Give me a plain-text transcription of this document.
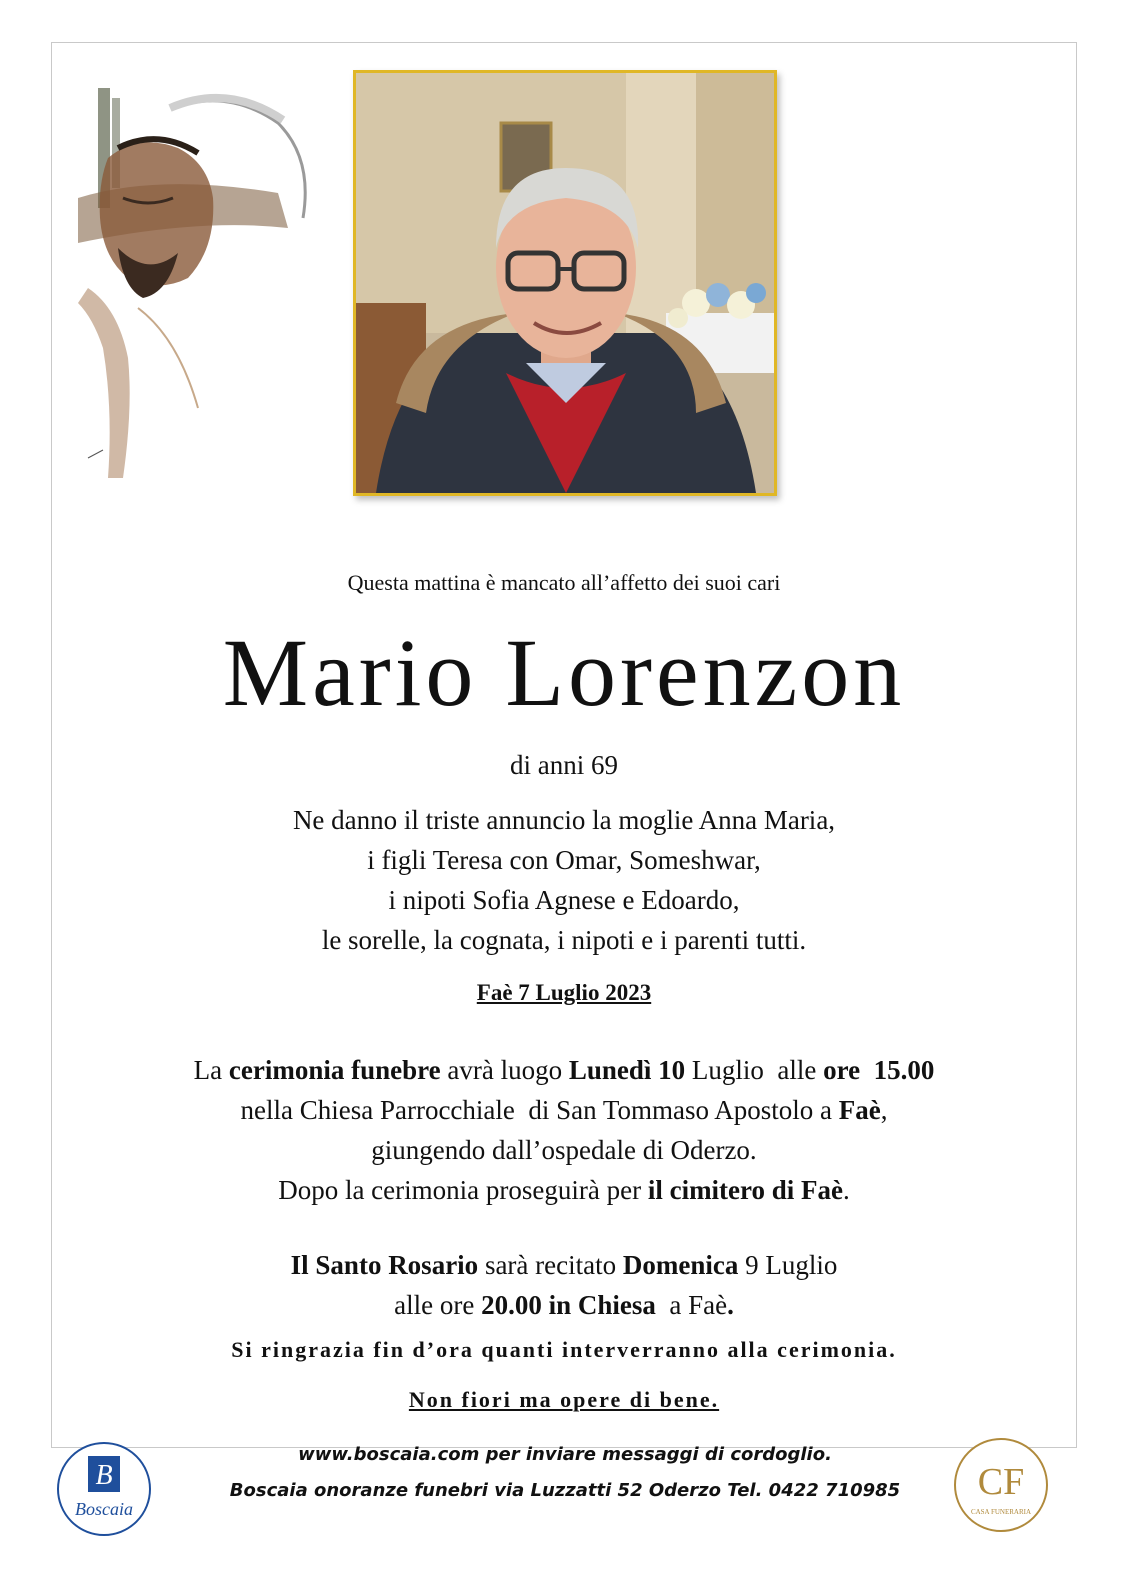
Questa mattina è mancato all’affetto dei suoi cari
Mario Lorenzon
di anni 69
Ne danno il triste annuncio la moglie Anna Maria,
i figli Teresa con Omar, Someshwar,
i nipoti Sofia Agnese e Edoardo,
le sorelle, la cognata, i nipoti e i parenti tutti.
Faè 7 Luglio 2023
La cerimonia funebre avrà luogo Lunedì 10 Luglio  alle ore  15.00
nella Chiesa Parrocchiale  di San Tommaso Apostolo a Faè,
giungendo dall’ospedale di Oderzo.
Dopo la cerimonia proseguirà per il cimitero di Faè.
Il Santo Rosario sarà recitato Domenica 9 Luglio
alle ore 20.00 in Chiesa  a Faè.
Si ringrazia fin d’ora quanti interverranno alla cerimonia.
Non fiori ma opere di bene.
B
Boscaia
www.boscaia.com per inviare messaggi di cordoglio.
Boscaia onoranze funebri via Luzzatti 52 Oderzo Tel. 0422 710985 CF
CASA FUNERARIA
